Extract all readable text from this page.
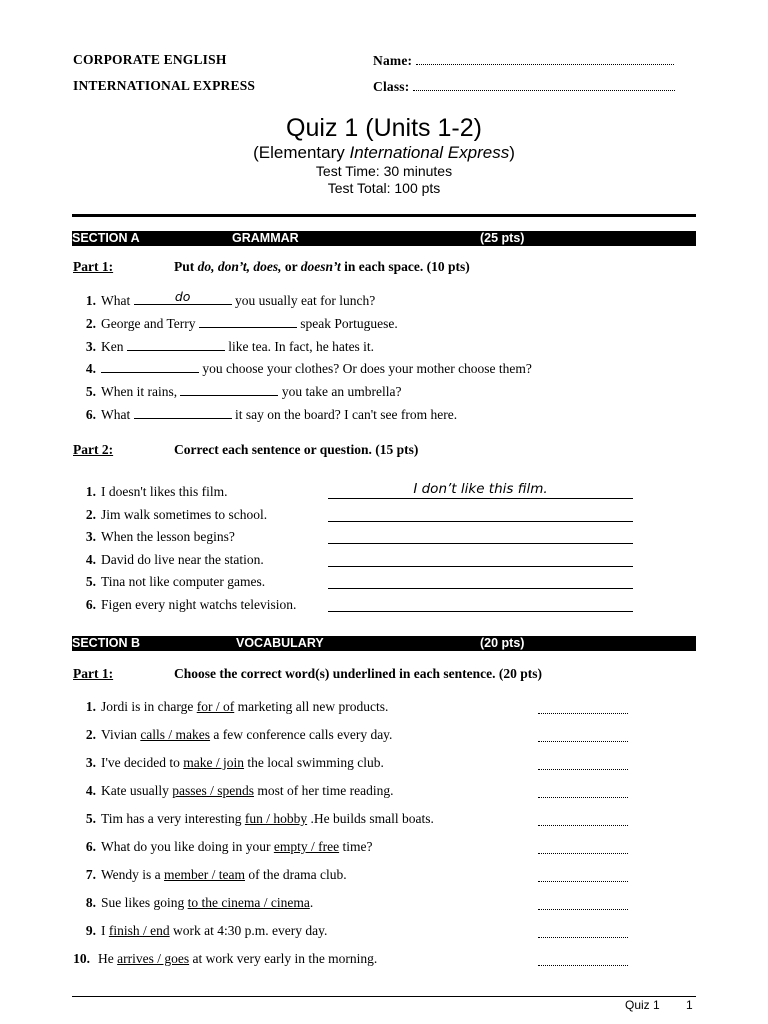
CORPORATE ENGLISH
INTERNATIONAL EXPRESS
Name:
Class:
Quiz 1 (Units 1-2)
(Elementary International Express)
Test Time: 30 minutes
Test Total: 100 pts
SECTION A	GRAMMAR	(25 pts)
Part 1:	Put do, don’t, does, or doesn’t in each space. (10 pts)
1. What	do	you usually eat for lunch?
2. George and Terry	speak Portuguese.
3. Ken	like tea. In fact, he hates it.
4.	you choose your clothes? Or does your mother choose them?
5. When it rains,	you take an umbrella?
6. What	it say on the board? I can't see from here.
Part 2:	Correct each sentence or question. (15 pts)
1. I doesn't likes this film.	I don’t like this film.
2. Jim walk sometimes to school.
3. When the lesson begins?
4. David do live near the station.
5. Tina not like computer games.
6. Figen every night watchs television.
SECTION B	VOCABULARY	(20 pts)
Part 1:	Choose the correct word(s) underlined in each sentence. (20 pts)
1. Jordi is in charge for / of marketing all new products.
2. Vivian calls / makes a few conference calls every day.
3. I've decided to make / join the local swimming club.
4. Kate usually passes / spends most of her time reading.
5. Tim has a very interesting fun / hobby .He builds small boats.
6. What do you like doing in your empty / free time?
7. Wendy is a member / team of the drama club.
8. Sue likes going to the cinema / cinema.
9. I finish / end work at 4:30 p.m. every day.
10. He arrives / goes at work very early in the morning.
Quiz 1 1
